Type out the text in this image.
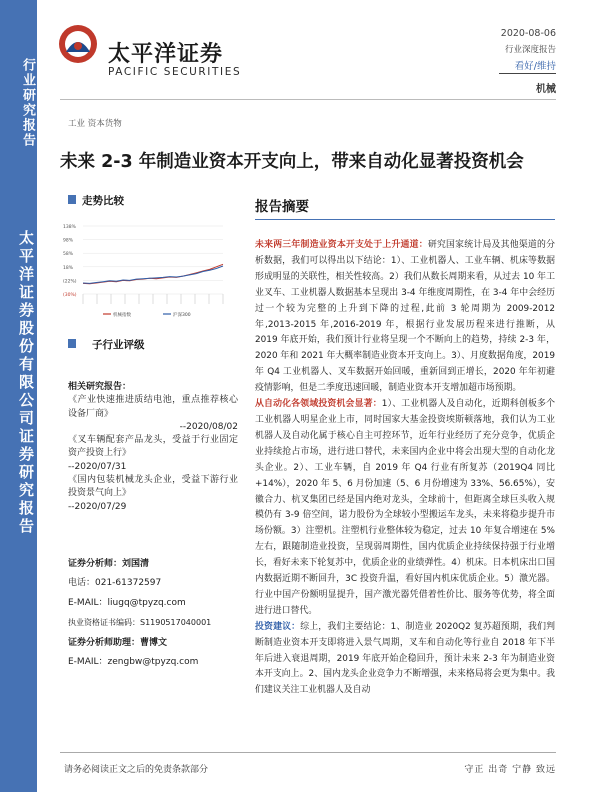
行业研究报告
太平洋证券股份有限公司证券研究报告
太平洋证券
PACIFIC SECURITIES
2020-08-06
行业深度报告
看好/维持
机械
工业 资本货物
未来 2-3 年制造业资本开支向上，带来自动化显著投资机会
走势比较
138%
98%
58%
18%
(22%)
(30%)
机械指数	沪深300
子行业评级
相关研究报告：
《产业快速推进质结电池，重点推荐核心设备厂商》
--2020/08/02
《叉车辆配套产品龙头，受益于行业固定资产投资上行》
--2020/07/31
《国内包装机械龙头企业，受益下游行业投资景气向上》
--2020/07/29
证券分析师：刘国清
电话：021-61372597
E-MAIL：liugq@tpyzq.com
执业资格证书编码：S1190517040001
证券分析师助理：曹博文
E-MAIL：zengbw@tpyzq.com
报告摘要
未来两三年制造业资本开支处于上升通道：研究国家统计局及其他渠道的分析数据，我们可以得出以下结论：1）、工业机器人、工业车辆、机床等数据形成明显的关联性，相关性较高。2）我们从数长周期来看，从过去 10 年工业叉车、工业机器人数据基本呈现出 3-4 年维度周期性，在 3-4 年中会经历过一个较为完整的上升到下降的过程,此前 3 轮周期为 2009-2012 年,2013-2015 年,2016-2019 年，根据行业发展历程来进行推断，从 2019 年底开始，我们预计行业将呈现一个不断向上的趋势，持续 2-3 年，2020 年和 2021 年大概率制造业资本开支向上。3）、月度数据角度，2019 年 Q4 工业机器人、叉车数据开始回暖，重新回到正增长，2020 年年初避疫情影响，但是二季度迅速回暖，制造业资本开支增加超市场预期。
从自动化各领域投资机会显著：1）、工业机器人及自动化，近期科创板多个工业机器人明星企业上市，同时国家大基金投资埃斯顿落地，我们认为工业机器人及自动化属于核心自主可控环节，近年行业经历了充分竞争，优质企业持续抢占市场，进行进口替代，未来国内企业中将会出现大型的自动化龙头企业。2）、工业车辆，自 2019 年 Q4 行业有所复苏（2019Q4 同比+14%），2020 年 5、6 月份加速（5、6 月份增速为 33%、56.65%），安徽合力、杭叉集团已经是国内绝对龙头，全球前十，但距离全球巨头收入规模仍有 3-9 倍空间，诺力股份为全球较小型搬运车龙头，未来将稳步提升市场份额。3）注塑机。注塑机行业整体较为稳定，过去 10 年复合增速在 5%左右，跟随制造业投资，呈现弱周期性，国内优质企业持续保持强于行业增长，看好未来下轮复苏中，优质企业的业绩弹性。4）机床。日本机床出口国内数据近期不断回升，3C 投资升温，看好国内机床优质企业。5）激光器。行业中国产份额明显提升，国产激光器凭借着性价比、服务等优势，将全面进行进口替代。
投资建议：综上，我们主要结论：1、制造业 2020Q2 复苏超预期，我们判断制造业资本开支即将进入景气周期，叉车和自动化等行业自 2018 年下半年后进入衰退周期，2019 年底开始企稳回升，预计未来 2-3 年为制造业资本开支向上。2、国内龙头企业竞争力不断增强，未来格局将会更为集中。我们建议关注工业机器人及自动
请务必阅读正文之后的免责条款部分	守正 出奇 宁静 致远
